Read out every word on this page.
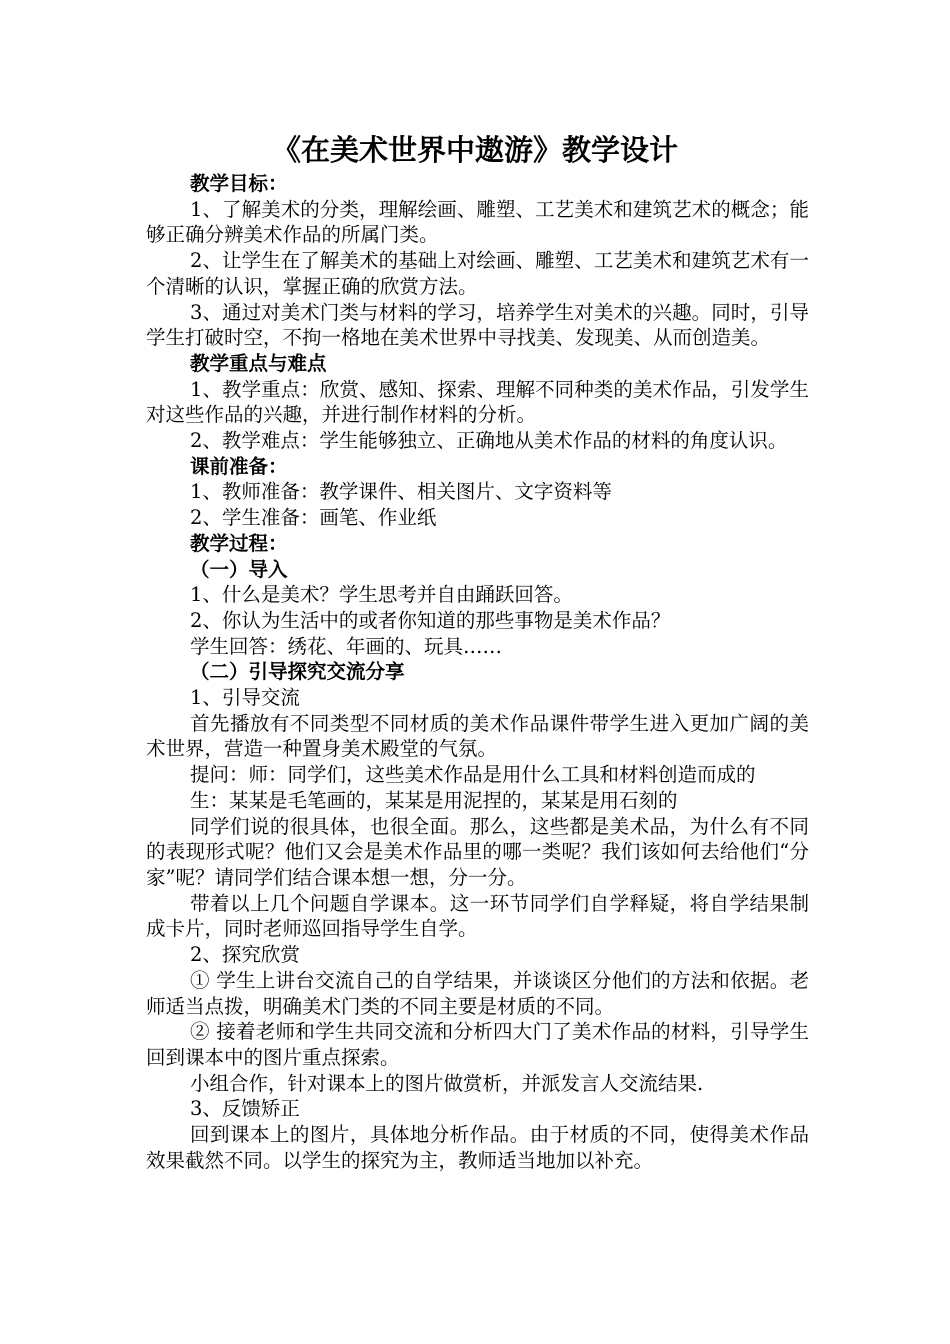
《在美术世界中遨游》教学设计

教学目标：

1、了解美术的分类，理解绘画、雕塑、工艺美术和建筑艺术的概念；能够正确分辨美术作品的所属门类。

2、让学生在了解美术的基础上对绘画、雕塑、工艺美术和建筑艺术有一个清晰的认识，掌握正确的欣赏方法。

3、通过对美术门类与材料的学习，培养学生对美术的兴趣。同时，引导学生打破时空，不拘一格地在美术世界中寻找美、发现美、从而创造美。

教学重点与难点

1、教学重点：欣赏、感知、探索、理解不同种类的美术作品，引发学生对这些作品的兴趣，并进行制作材料的分析。

2、教学难点：学生能够独立、正确地从美术作品的材料的角度认识。

课前准备：

1、教师准备：教学课件、相关图片、文字资料等

2、学生准备：画笔、作业纸

教学过程：

（一）导入

1、什么是美术？学生思考并自由踊跃回答。

2、你认为生活中的或者你知道的那些事物是美术作品？

学生回答：绣花、年画的、玩具……

（二）引导探究交流分享

1、引导交流

首先播放有不同类型不同材质的美术作品课件带学生进入更加广阔的美术世界，营造一种置身美术殿堂的气氛。

提问：师：同学们，这些美术作品是用什么工具和材料创造而成的

生：某某是毛笔画的，某某是用泥捏的，某某是用石刻的

同学们说的很具体，也很全面。那么，这些都是美术品，为什么有不同的表现形式呢？他们又会是美术作品里的哪一类呢？我们该如何去给他们“分家”呢？请同学们结合课本想一想，分一分。

带着以上几个问题自学课本。这一环节同学们自学释疑，将自学结果制成卡片，同时老师巡回指导学生自学。

2、探究欣赏

① 学生上讲台交流自己的自学结果，并谈谈区分他们的方法和依据。老师适当点拨，明确美术门类的不同主要是材质的不同。

② 接着老师和学生共同交流和分析四大门了美术作品的材料，引导学生回到课本中的图片重点探索。

小组合作，针对课本上的图片做赏析，并派发言人交流结果.

3、反馈矫正

回到课本上的图片，具体地分析作品。由于材质的不同，使得美术作品效果截然不同。以学生的探究为主，教师适当地加以补充。
